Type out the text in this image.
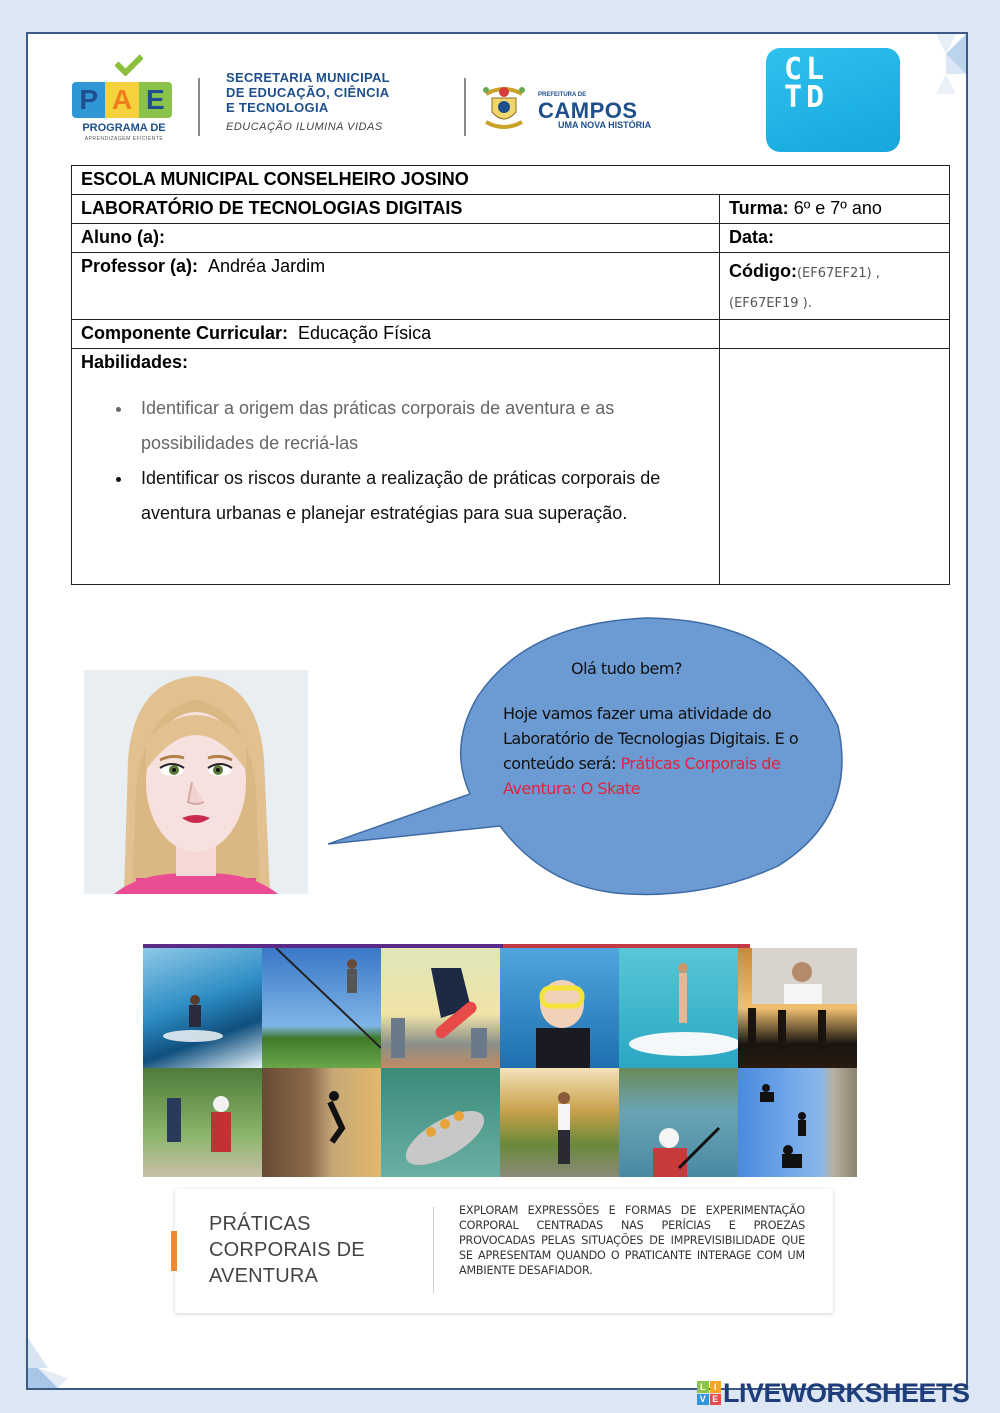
P A E
PROGRAMA DE
APRENDIZAGEM EFICIENTE
SECRETARIA MUNICIPAL
DE EDUCAÇÃO, CIÊNCIA
E TECNOLOGIA
EDUCAÇÃO ILUMINA VIDAS
PREFEITURA DE
CAMPOS
UMA NOVA HISTÓRIA
CL
TD
ESCOLA MUNICIPAL CONSELHEIRO JOSINO	
LABORATÓRIO DE TECNOLOGIAS DIGITAIS	Turma: 6º e 7º ano
Aluno (a):	Data:
Professor (a): Andréa Jardim	Código:(EF67EF21) ,
(EF67EF19 ).
Componente Curricular: Educação Física	

Habilidades:
• Identificar a origem das práticas corporais de aventura e as possibilidades de recriá-las
• Identificar os riscos durante a realização de práticas corporais de aventura urbanas e planejar estratégias para sua superação.

Olá tudo bem?
Hoje vamos fazer uma atividade do Laboratório de Tecnologias Digitais. E o conteúdo será: Práticas Corporais de Aventura: O Skate
PRÁTICAS
CORPORAIS DE
AVENTURA
EXPLORAM EXPRESSÕES E FORMAS DE EXPERIMENTAÇÃO CORPORAL CENTRADAS NAS PERÍCIAS E PROEZAS PROVOCADAS PELAS SITUAÇÕES DE IMPREVISIBILIDADE QUE SE APRESENTAM QUANDO O PRATICANTE INTERAGE COM UM AMBIENTE DESAFIADOR.
L I
V E LIVEWORKSHEETS
